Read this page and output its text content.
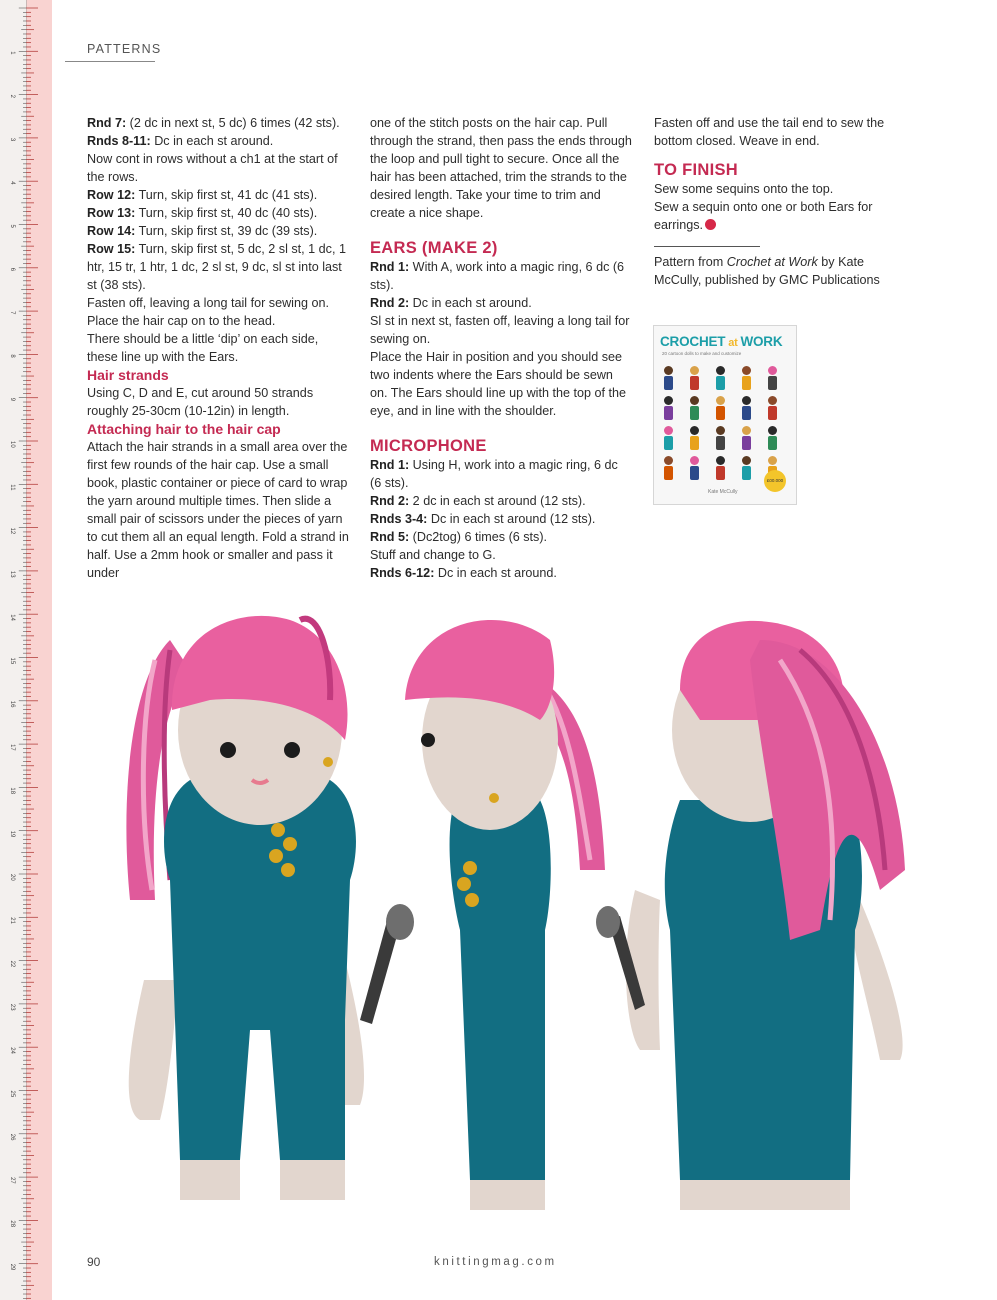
1
2
3
4
5
6
7
8
9
10
11
12
13
14
15
16
17
18
19
20
21
22
23
24
25
26
27
28
29
PATTERNS

Rnd 7: (2 dc in next st, 5 dc) 6 times (42 sts).

Rnds 8-11: Dc in each st around.

Now cont in rows without a ch1 at the start of the rows.

Row 12: Turn, skip first st, 41 dc (41 sts).

Row 13: Turn, skip first st, 40 dc (40 sts).

Row 14: Turn, skip first st, 39 dc (39 sts).

Row 15: Turn, skip first st, 5 dc, 2 sl st, 1 dc, 1 htr, 15 tr, 1 htr, 1 dc, 2 sl st, 9 dc, sl st into last st (38 sts).

Fasten off, leaving a long tail for sewing on. Place the hair cap on to the head.

There should be a little ‘dip’ on each side, these line up with the Ears.

Hair strands

Using C, D and E, cut around 50 strands roughly 25-30cm (10-12in) in length.

Attaching hair to the hair cap

Attach the hair strands in a small area over the first few rounds of the hair cap. Use a small book, plastic container or piece of card to wrap the yarn around multiple times. Then slide a small pair of scissors under the pieces of yarn to cut them all an equal length. Fold a strand in half. Use a 2mm hook or smaller and pass it under

one of the stitch posts on the hair cap. Pull through the strand, then pass the ends through the loop and pull tight to secure. Once all the hair has been attached, trim the strands to the desired length. Take your time to trim and create a nice shape.

EARS (MAKE 2)

Rnd 1: With A, work into a magic ring, 6 dc (6 sts).

Rnd 2: Dc in each st around.

Sl st in next st, fasten off, leaving a long tail for sewing on.

Place the Hair in position and you should see two indents where the Ears should be sewn on. The Ears should line up with the top of the eye, and in line with the shoulder.

MICROPHONE

Rnd 1: Using H, work into a magic ring, 6 dc (6 sts).

Rnd 2: 2 dc in each st around (12 sts).

Rnds 3-4: Dc in each st around (12 sts).

Rnd 5: (Dc2tog) 6 times (6 sts).

Stuff and change to G.

Rnds 6-12: Dc in each st around.

Fasten off and use the tail end to sew the bottom closed. Weave in end.

TO FINISH

Sew some sequins onto the top.

Sew a sequin onto one or both Ears for earrings.

Pattern from Crochet at Work by Kate McCully, published by GMC Publications

CROCHET at WORK
20 cartoon dolls to make and customize
£00.000
Kate McCully
90	knittingmag.com
